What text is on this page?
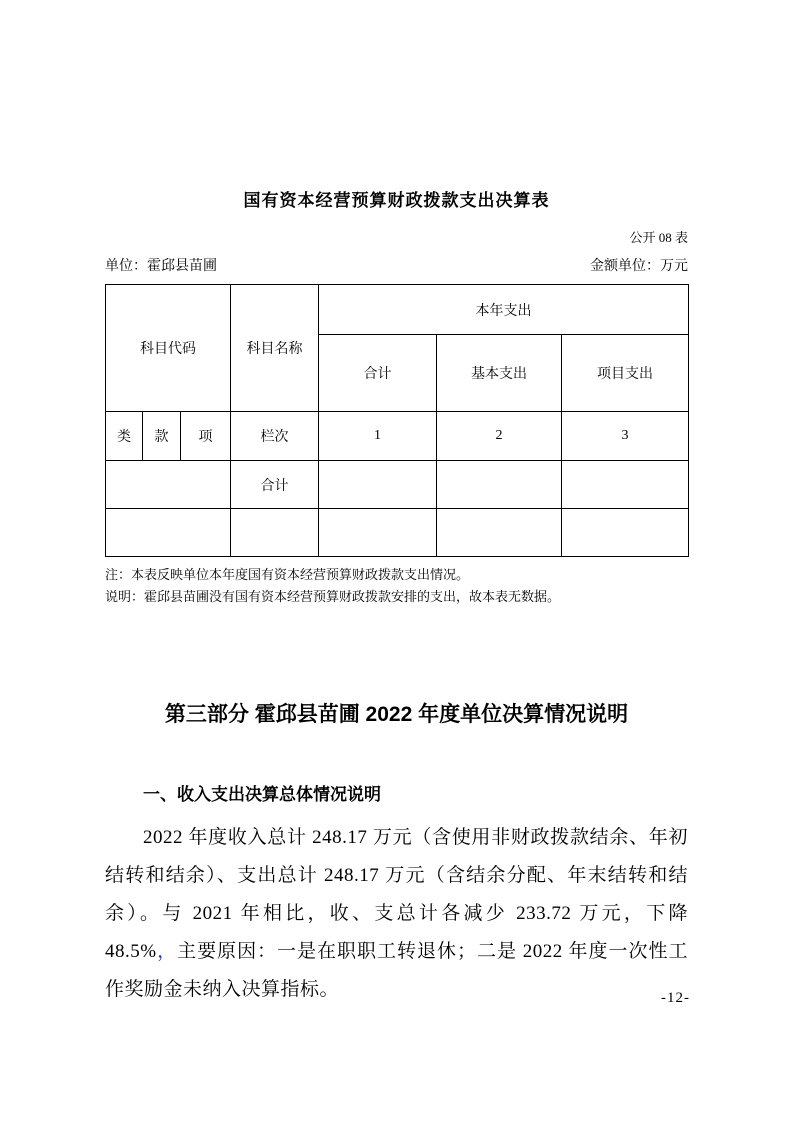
国有资本经营预算财政拨款支出决算表
公开 08 表
单位：霍邱县苗圃	金额单位：万元
科目代码			科目名称	本年支出		
				合计	基本支出	项目支出
类	款	项	栏次	1	2	3
			合计			

注：本表反映单位本年度国有资本经营预算财政拨款支出情况。
说明：霍邱县苗圃没有国有资本经营预算财政拨款安排的支出，故本表无数据。
第三部分 霍邱县苗圃 2022 年度单位决算情况说明
一、收入支出决算总体情况说明

2022 年度收入总计 248.17 万元（含使用非财政拨款结余、年初结转和结余）、支出总计 248.17 万元（含结余分配、年末结转和结余）。与 2021 年相比，收、支总计各减少 233.72 万元，下降 48.5%，主要原因：一是在职职工转退休；二是 2022 年度一次性工作奖励金未纳入决算指标。	-12-
